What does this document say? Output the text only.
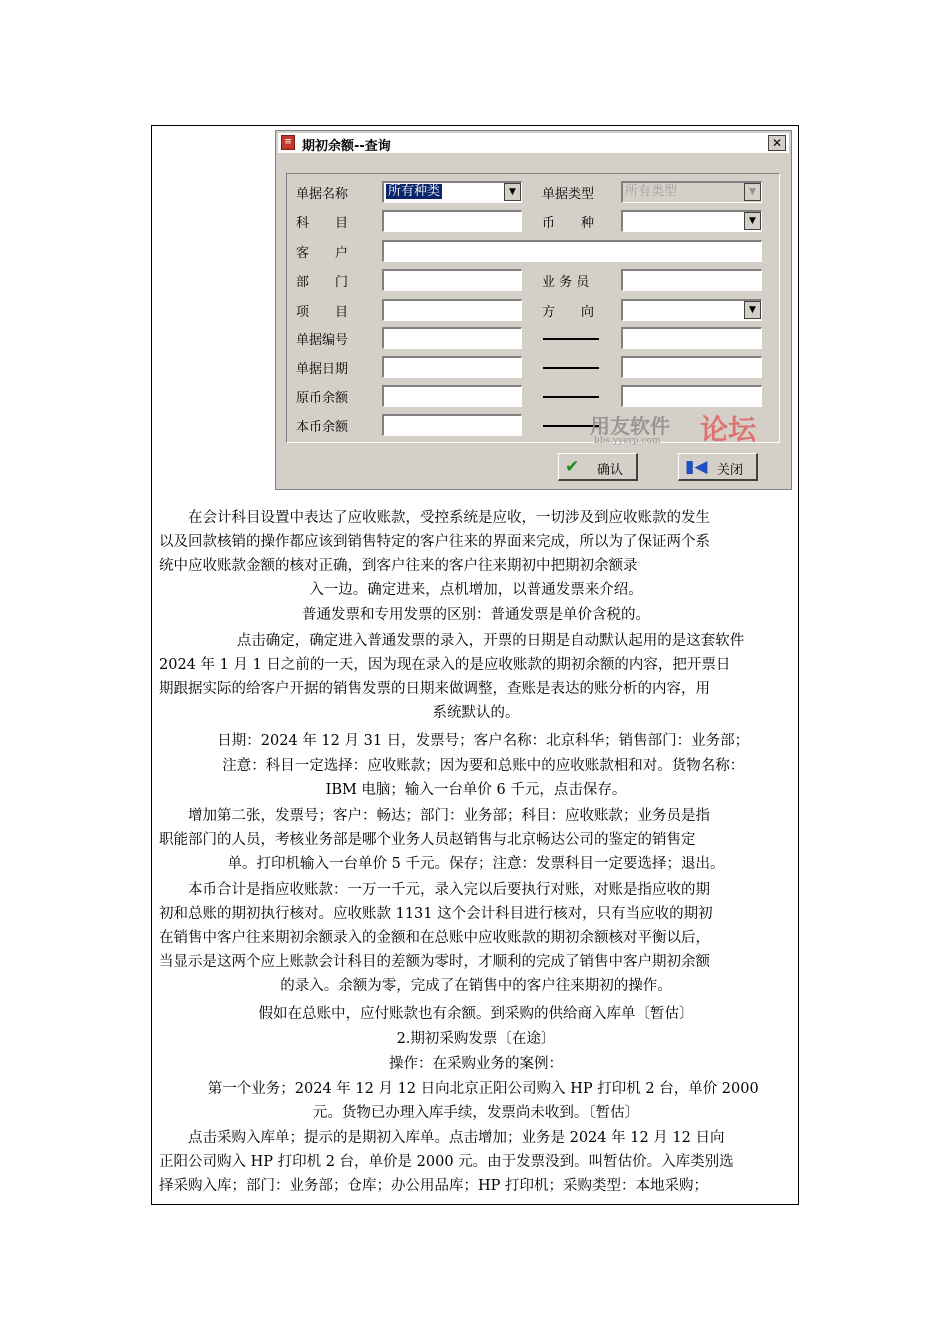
≡ 期初余额--查询	✕
单据名称	所有种类	▼	单据类型	所有类型	▼
科　　目	币　　种	▼
客　　户
部　　门	业 务 员
项　　目	方　　向	▼
单据编号
单据日期
原币余额
本币余额
✔ 确认	▮◀ 关闭
用友软件 论坛
bbs.yyerp.com
　　在会计科目设置中表达了应收账款，受控系统是应收，一切涉及到应收账款的发生
以及回款核销的操作都应该到销售特定的客户往来的界面来完成，所以为了保证两个系
统中应收账款金额的核对正确，到客户往来的客户往来期初中把期初余额录
入一边。确定进来，点机增加，以普通发票来介绍。
普通发票和专用发票的区别：普通发票是单价含税的。
　　点击确定，确定进入普通发票的录入，开票的日期是自动默认起用的是这套软件
2024 年 1 月 1 日之前的一天，因为现在录入的是应收账款的期初余额的内容，把开票日
期跟据实际的给客户开据的销售发票的日期来做调整，查账是表达的账分析的内容，用
系统默认的。
　日期：2024 年 12 月 31 日，发票号；客户名称：北京科华；销售部门：业务部；
　注意：科目一定选择：应收账款；因为要和总账中的应收账款相和对。货物名称：
IBM 电脑；输入一台单价 6 千元，点击保存。
　　增加第二张，发票号；客户：畅达；部门：业务部；科目：应收账款；业务员是指
职能部门的人员，考核业务部是哪个业务人员赵销售与北京畅达公司的鉴定的销售定
单。打印机输入一台单价 5 千元。保存；注意：发票科目一定要选择；退出。
　　本币合计是指应收账款：一万一千元，录入完以后要执行对账，对账是指应收的期
初和总账的期初执行核对。应收账款 1131 这个会计科目进行核对，只有当应收的期初
在销售中客户往来期初余额录入的金额和在总账中应收账款的期初余额核对平衡以后，
当显示是这两个应上账款会计科目的差额为零时，才顺利的完成了销售中客户期初余额
的录入。余额为零，完成了在销售中的客户往来期初的操作。
假如在总账中，应付账款也有余额。到采购的供给商入库单〔暂估〕
2.期初采购发票〔在途〕
操作：在采购业务的案例：
　第一个业务；2024 年 12 月 12 日向北京正阳公司购入 HP 打印机 2 台，单价 2000
元。货物已办理入库手续，发票尚未收到。〔暂估〕
　　点击采购入库单；提示的是期初入库单。点击增加；业务是 2024 年 12 月 12 日向
正阳公司购入 HP 打印机 2 台，单价是 2000 元。由于发票没到。叫暂估价。入库类别选
择采购入库；部门：业务部；仓库；办公用品库；HP 打印机；采购类型：本地采购；
